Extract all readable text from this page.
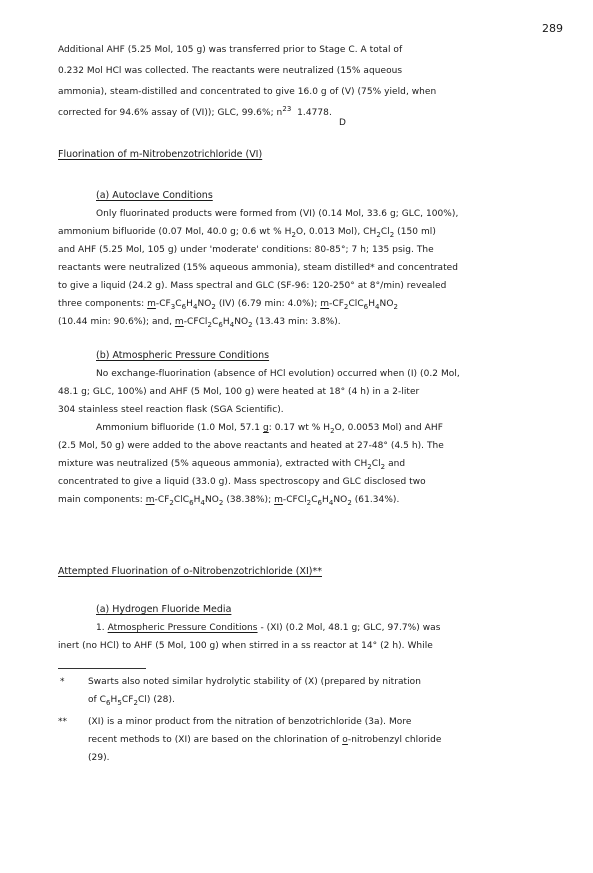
289
Additional AHF (5.25 Mol, 105 g) was transferred prior to Stage C. A total of
0.232 Mol HCl was collected. The reactants were neutralized (15% aqueous
ammonia), steam-distilled and concentrated to give 16.0 g of (V) (75% yield, when
corrected for 94.6% assay of (VI)); GLC, 99.6%; $n^{23}$ 1.4778.
D
Fluorination of m-Nitrobenzotrichloride (VI)
(a) Autoclave Conditions
Only fluorinated products were formed from (VI) (0.14 Mol, 33.6 g; GLC, 100%),
ammonium bifluoride (0.07 Mol, 40.0 g; 0.6 wt % $H_2O$, 0.013 Mol), $CH_2Cl_2$ (150 ml)
and AHF (5.25 Mol, 105 g) under 'moderate' conditions: 80-85°; 7 h; 135 psig. The
reactants were neutralized (15% aqueous ammonia), steam distilled* and concentrated
to give a liquid (24.2 g). Mass spectral and GLC (SF-96: 120-250° at 8°/min) revealed
three components: $m-CF_3C_6H_4NO_2$ (IV) (6.79 min: 4.0%); $m-CF_2ClC_6H_4NO_2$
(10.44 min: 90.6%); and, $m-CFCl_2C_6H_4NO_2$ (13.43 min: 3.8%).
(b) Atmospheric Pressure Conditions
No exchange-fluorination (absence of HCl evolution) occurred when (I) (0.2 Mol,
48.1 g; GLC, 100%) and AHF (5 Mol, 100 g) were heated at 18° (4 h) in a 2-liter
304 stainless steel reaction flask (SGA Scientific).
Ammonium bifluoride (1.0 Mol, 57.1 g: 0.17 wt % $H_2O$, 0.0053 Mol) and AHF
(2.5 Mol, 50 g) were added to the above reactants and heated at 27-48° (4.5 h). The
mixture was neutralized (5% aqueous ammonia), extracted with $CH_2Cl_2$ and
concentrated to give a liquid (33.0 g). Mass spectroscopy and GLC disclosed two
main components: $m-CF_2ClC_6H_4NO_2$ (38.38%); $m-CFCl_2C_6H_4NO_2$ (61.34%).
Attempted Fluorination of o-Nitrobenzotrichloride (XI)**
(a) Hydrogen Fluoride Media
1. Atmospheric Pressure Conditions - (XI) (0.2 Mol, 48.1 g; GLC, 97.7%) was
inert (no HCl) to AHF (5 Mol, 100 g) when stirred in a ss reactor at 14° (2 h). While
*	Swarts also noted similar hydrolytic stability of (X) (prepared by nitration
of $C_6H_5CF_2Cl$) (28).
** (XI) is a minor product from the nitration of benzotrichloride (3a). More
recent methods to (XI) are based on the chlorination of o-nitrobenzyl chloride
(29).
